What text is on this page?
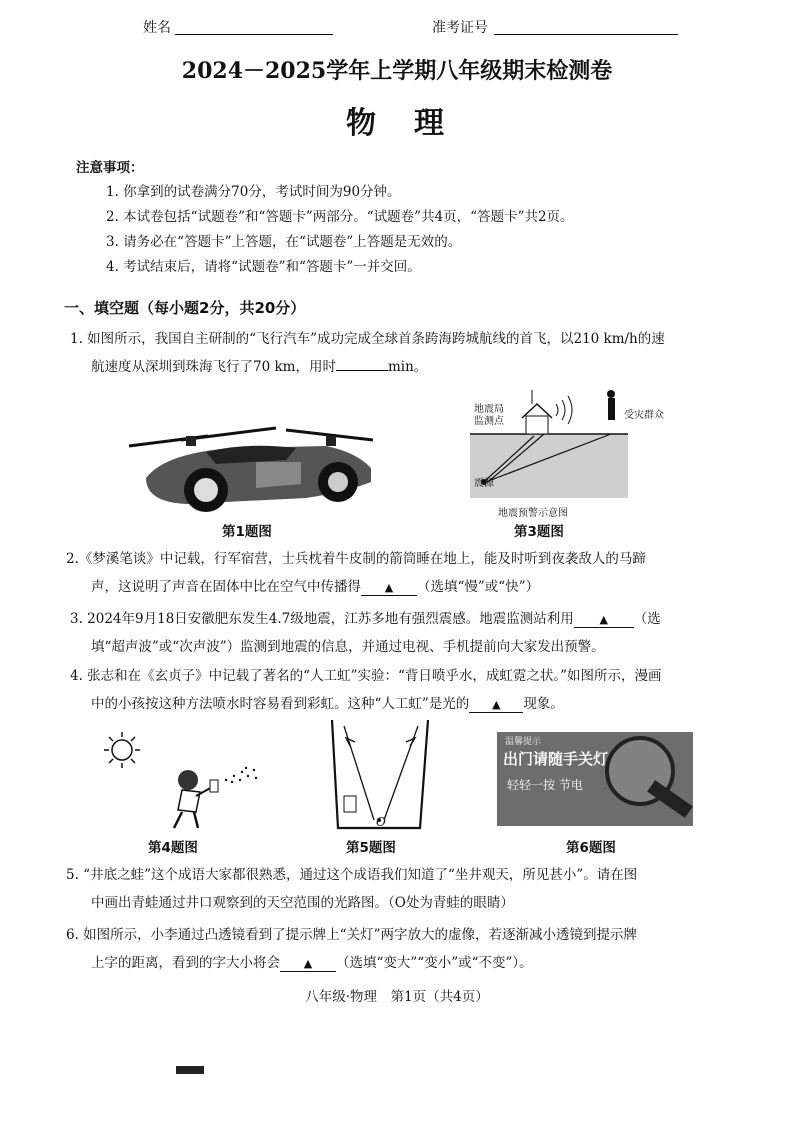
姓名	准考证号
2024－2025学年上学期八年级期末检测卷
物　理
注意事项：
1. 你拿到的试卷满分70分，考试时间为90分钟。
2. 本试卷包括“试题卷”和“答题卡”两部分。“试题卷”共4页，“答题卡”共2页。
3. 请务必在“答题卡”上答题，在“试题卷”上答题是无效的。
4. 考试结束后，请将“试题卷”和“答题卡”一并交回。
一、填空题（每小题2分，共20分）
1. 如图所示，我国自主研制的“飞行汽车”成功完成全球首条跨海跨城航线的首飞，以210 km/h的速
航速度从深圳到珠海飞行了70 km，用时	min。
第1题图
地震局
监测点
受灾群众
震源
地震预警示意图
第3题图
2.《梦溪笔谈》中记载，行军宿营，士兵枕着牛皮制的箭筒睡在地上，能及时听到夜袭敌人的马蹄
声，这说明了声音在固体中比在空气中传播得 ▲ （选填“慢”或“快”）
3. 2024年9月18日安徽肥东发生4.7级地震，江苏多地有强烈震感。地震监测站利用 ▲ （选
填“超声波”或“次声波”）监测到地震的信息，并通过电视、手机提前向大家发出预警。
4. 张志和在《玄贞子》中记载了著名的“人工虹”实验：“背日喷乎水，成虹霓之状。”如图所示，漫画
中的小孩按这种方法喷水时容易看到彩虹。这种“人工虹”是光的 ▲ 现象。
第4题图
O
第5题图
温馨提示
出门请随手关灯
轻轻一按 节电
第6题图
5. “井底之蛙”这个成语大家都很熟悉，通过这个成语我们知道了“坐井观天，所见甚小”。请在图
中画出青蛙通过井口观察到的天空范围的光路图。（O处为青蛙的眼睛）
6. 如图所示，小李通过凸透镜看到了提示牌上“关灯”两字放大的虚像，若逐渐减小透镜到提示牌
上字的距离，看到的字大小将会 ▲ （选填“变大”“变小”或“不变”）。
八年级·物理　第1页（共4页）
